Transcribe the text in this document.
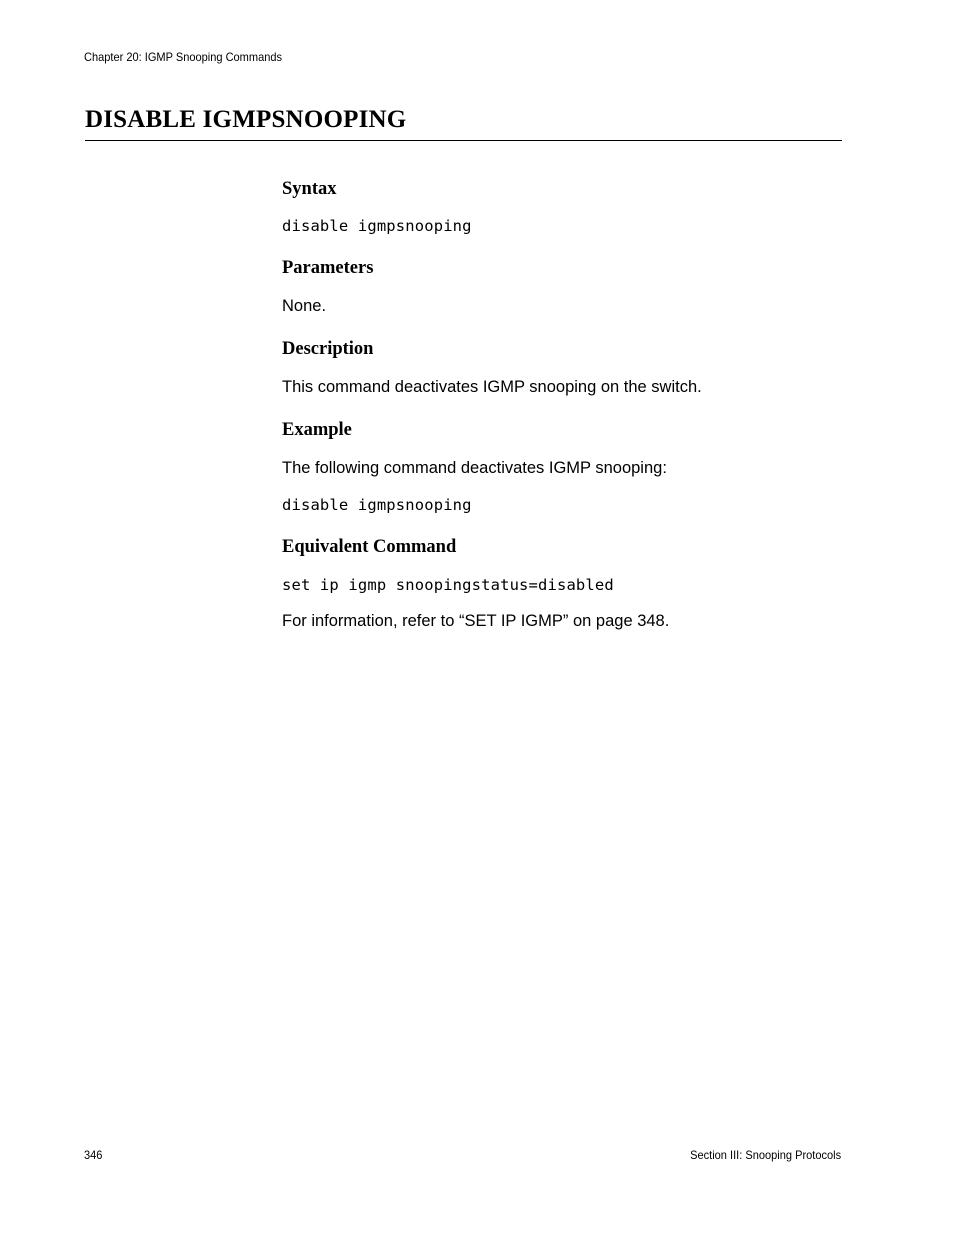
Chapter 20: IGMP Snooping Commands
DISABLE IGMPSNOOPING
Syntax
disable igmpsnooping
Parameters

None.

Description

This command deactivates IGMP snooping on the switch.

Example

The following command deactivates IGMP snooping:

disable igmpsnooping
Equivalent Command
set ip igmp snoopingstatus=disabled

For information, refer to “SET IP IGMP” on page 348.

346	Section III: Snooping Protocols
